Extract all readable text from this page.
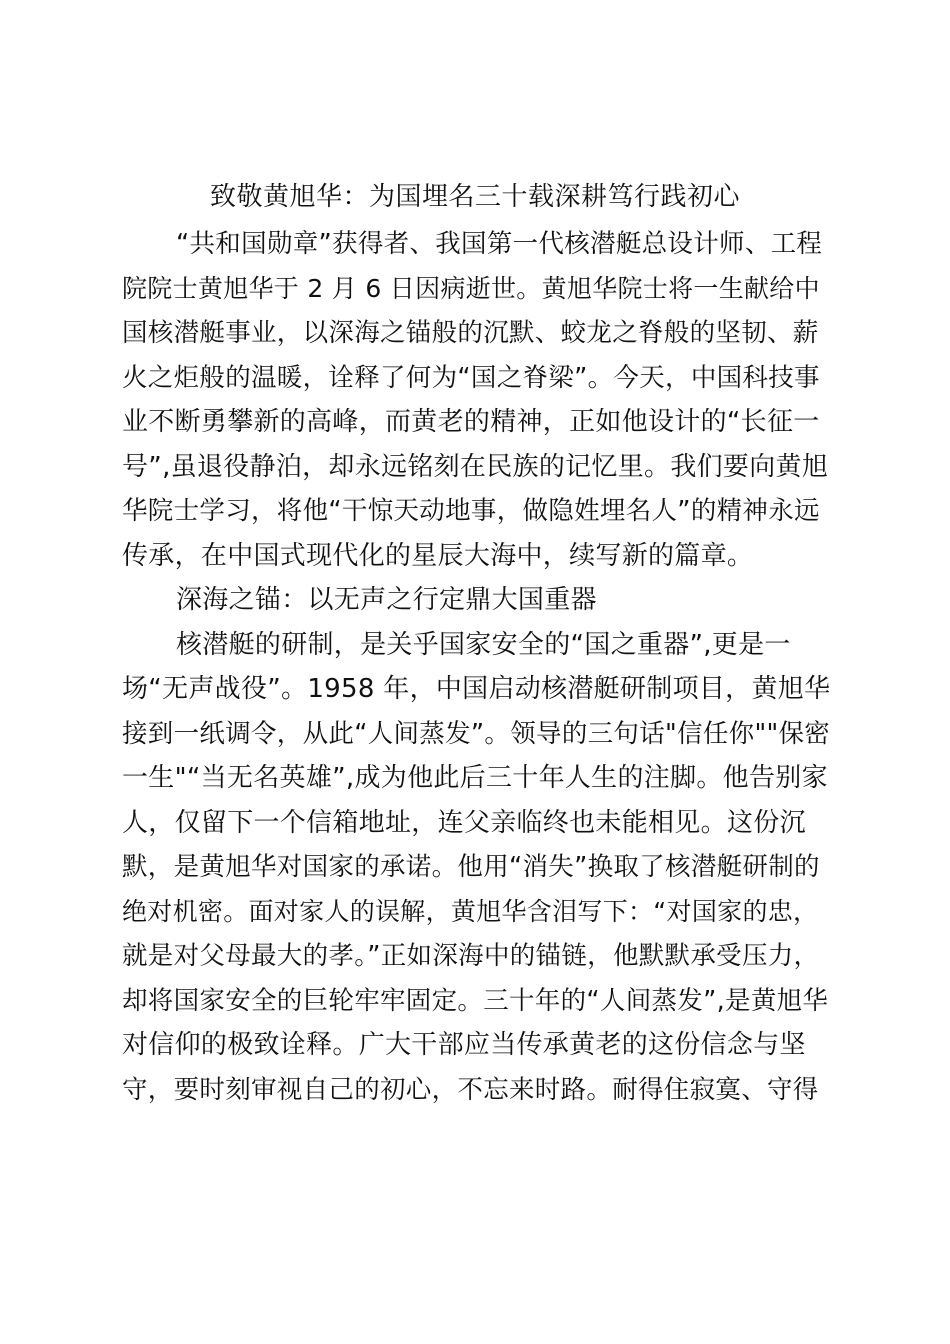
致敬黄旭华：为国埋名三十载深耕笃行践初心
“共和国勋章”获得者、我国第一代核潜艇总设计师、工程
院院士黄旭华于 2 月 6 日因病逝世。黄旭华院士将一生献给中
国核潜艇事业，以深海之锚般的沉默、蛟龙之脊般的坚韧、薪
火之炬般的温暖，诠释了何为“国之脊梁”。今天，中国科技事
业不断勇攀新的高峰，而黄老的精神，正如他设计的“长征一
号”,虽退役静泊，却永远铭刻在民族的记忆里。我们要向黄旭
华院士学习，将他“干惊天动地事，做隐姓埋名人”的精神永远
传承，在中国式现代化的星辰大海中，续写新的篇章。
深海之锚：以无声之行定鼎大国重器
核潜艇的研制，是关乎国家安全的“国之重器”,更是一
场“无声战役”。1958 年，中国启动核潜艇研制项目，黄旭华
接到一纸调令，从此“人间蒸发”。领导的三句话"信任你""保密
一生"“当无名英雄”,成为他此后三十年人生的注脚。他告别家
人，仅留下一个信箱地址，连父亲临终也未能相见。这份沉
默，是黄旭华对国家的承诺。他用“消失”换取了核潜艇研制的
绝对机密。面对家人的误解，黄旭华含泪写下：“对国家的忠，
就是对父母最大的孝。”正如深海中的锚链，他默默承受压力，
却将国家安全的巨轮牢牢固定。三十年的“人间蒸发”,是黄旭华
对信仰的极致诠释。广大干部应当传承黄老的这份信念与坚
守，要时刻审视自己的初心，不忘来时路。耐得住寂寞、守得
